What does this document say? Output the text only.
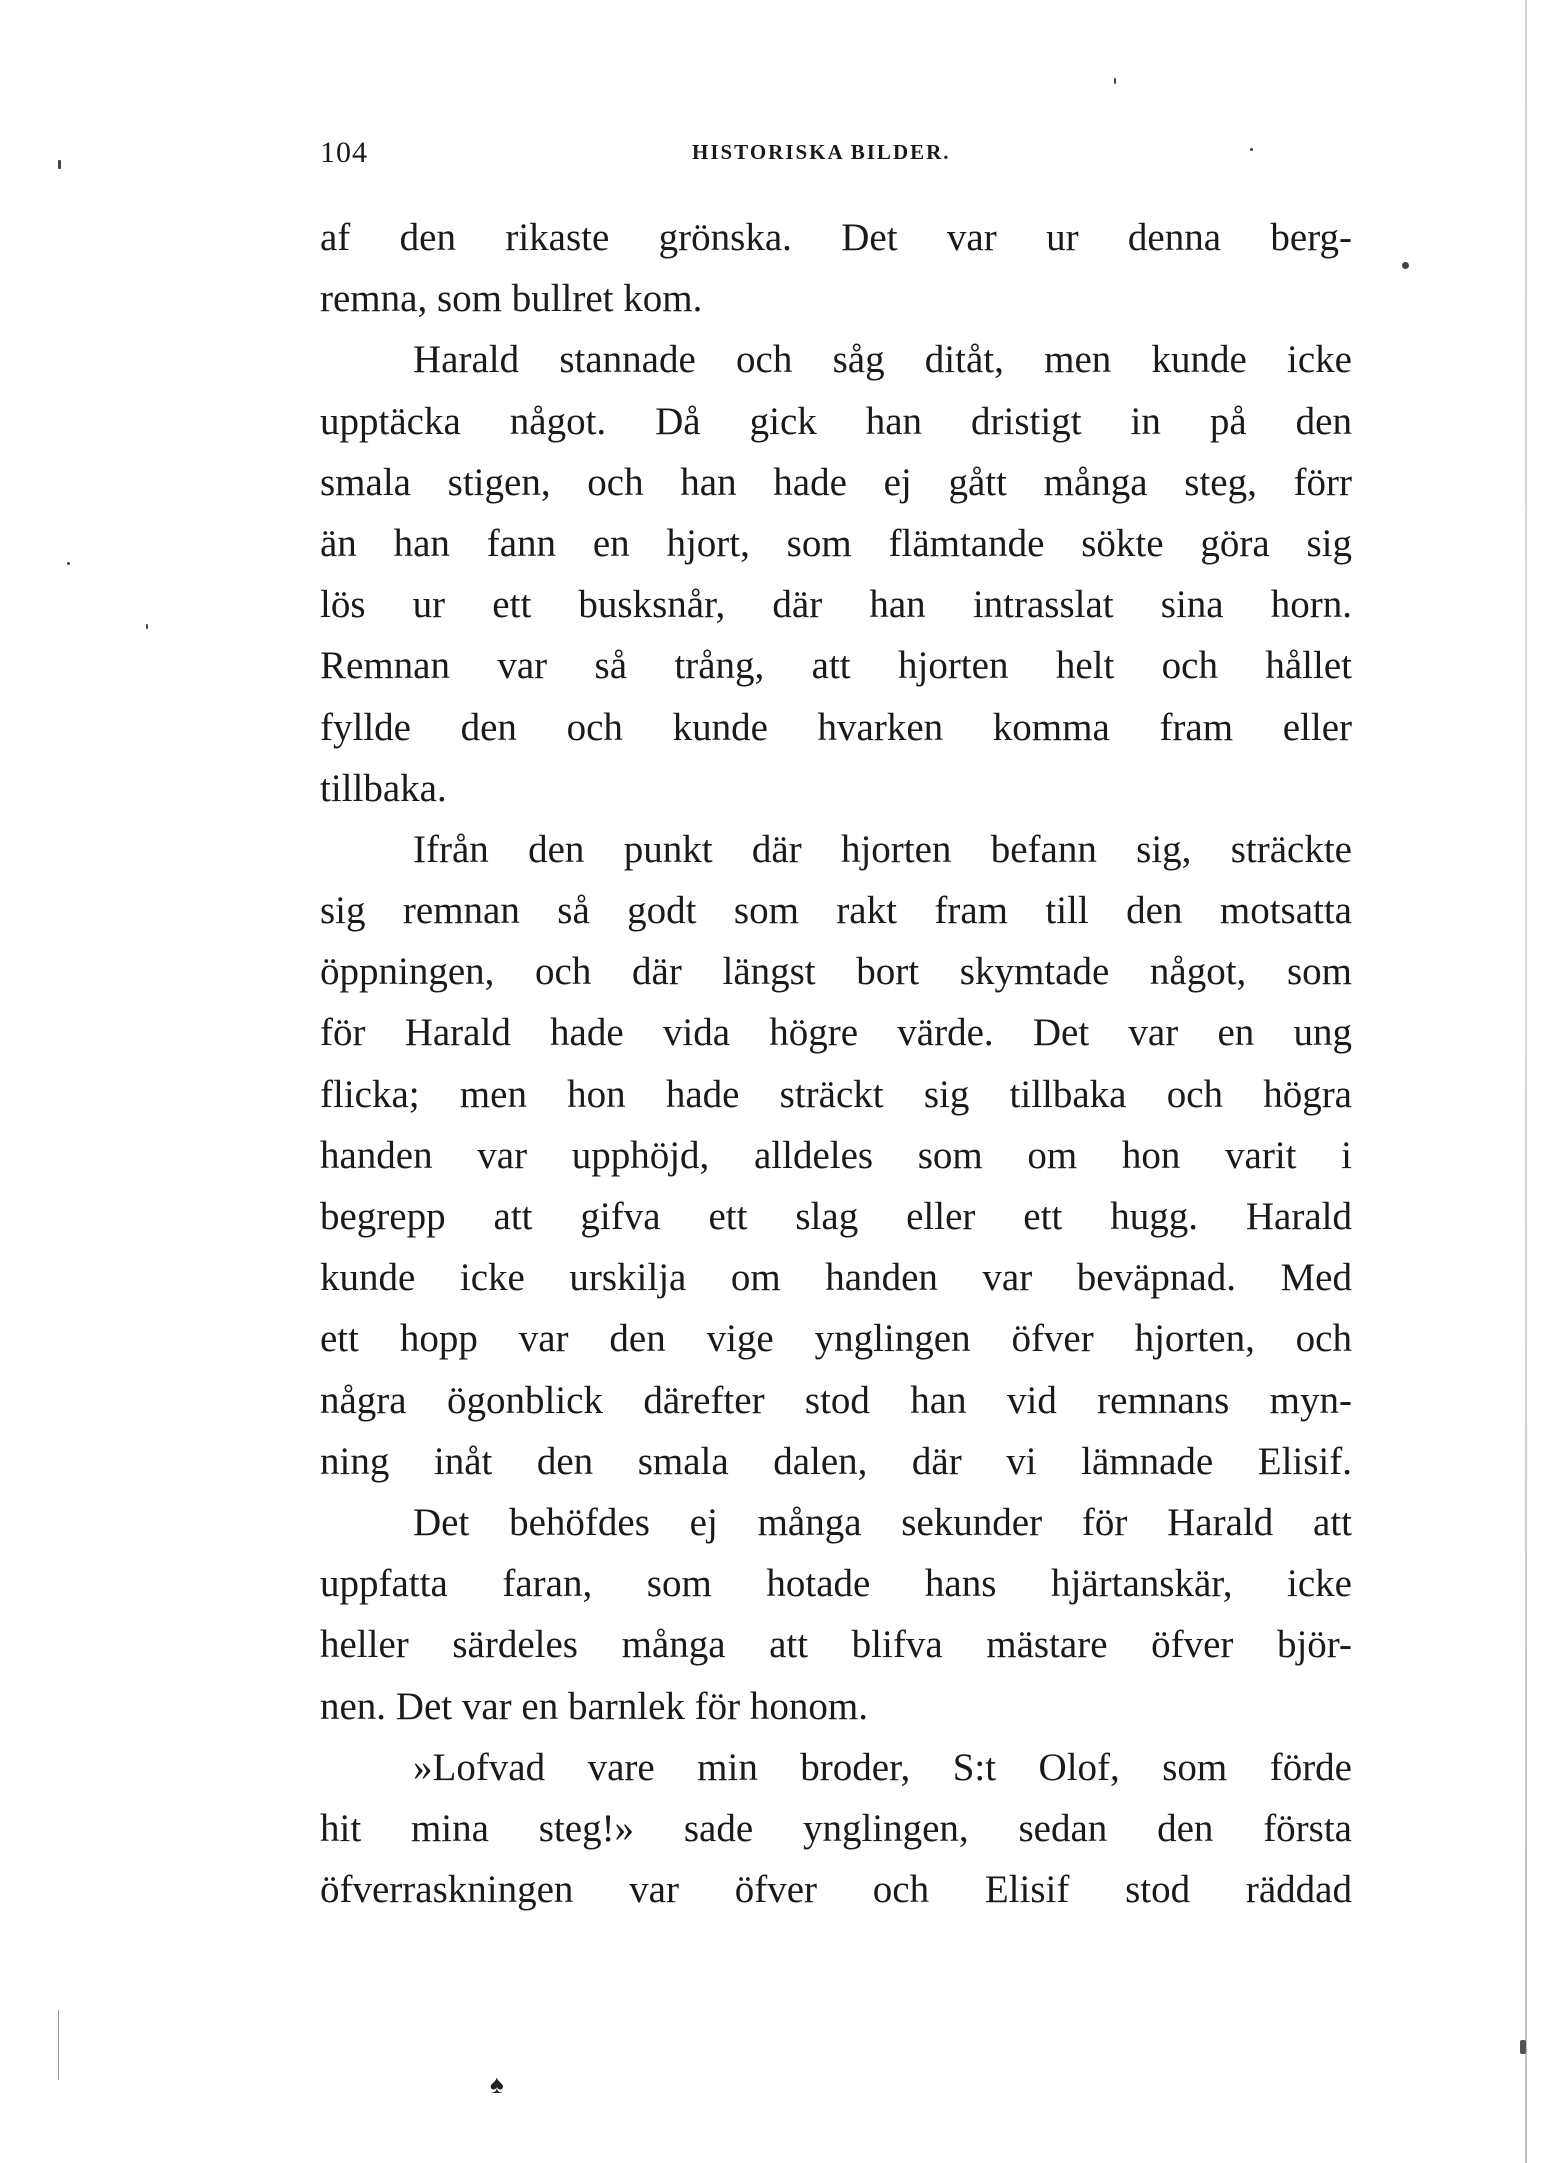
104	HISTORISKA BILDER.
af den rikaste grönska. Det var ur denna berg-
remna, som bullret kom.
Harald stannade och såg ditåt, men kunde icke
upptäcka något. Då gick han dristigt in på den
smala stigen, och han hade ej gått många steg, förr
än han fann en hjort, som flämtande sökte göra sig
lös ur ett busksnår, där han intrasslat sina horn.
Remnan var så trång, att hjorten helt och hållet
fyllde den och kunde hvarken komma fram eller
tillbaka.
Ifrån den punkt där hjorten befann sig, sträckte
sig remnan så godt som rakt fram till den motsatta
öppningen, och där längst bort skymtade något, som
för Harald hade vida högre värde. Det var en ung
flicka; men hon hade sträckt sig tillbaka och högra
handen var upphöjd, alldeles som om hon varit i
begrepp att gifva ett slag eller ett hugg. Harald
kunde icke urskilja om handen var beväpnad. Med
ett hopp var den vige ynglingen öfver hjorten, och
några ögonblick därefter stod han vid remnans myn-
ning inåt den smala dalen, där vi lämnade Elisif.
Det behöfdes ej många sekunder för Harald att
uppfatta faran, som hotade hans hjärtanskär, icke
heller särdeles många att blifva mästare öfver björ-
nen. Det var en barnlek för honom.
»Lofvad vare min broder, S:t Olof, som förde
hit mina steg!» sade ynglingen, sedan den första
öfverraskningen var öfver och Elisif stod räddad
♠
